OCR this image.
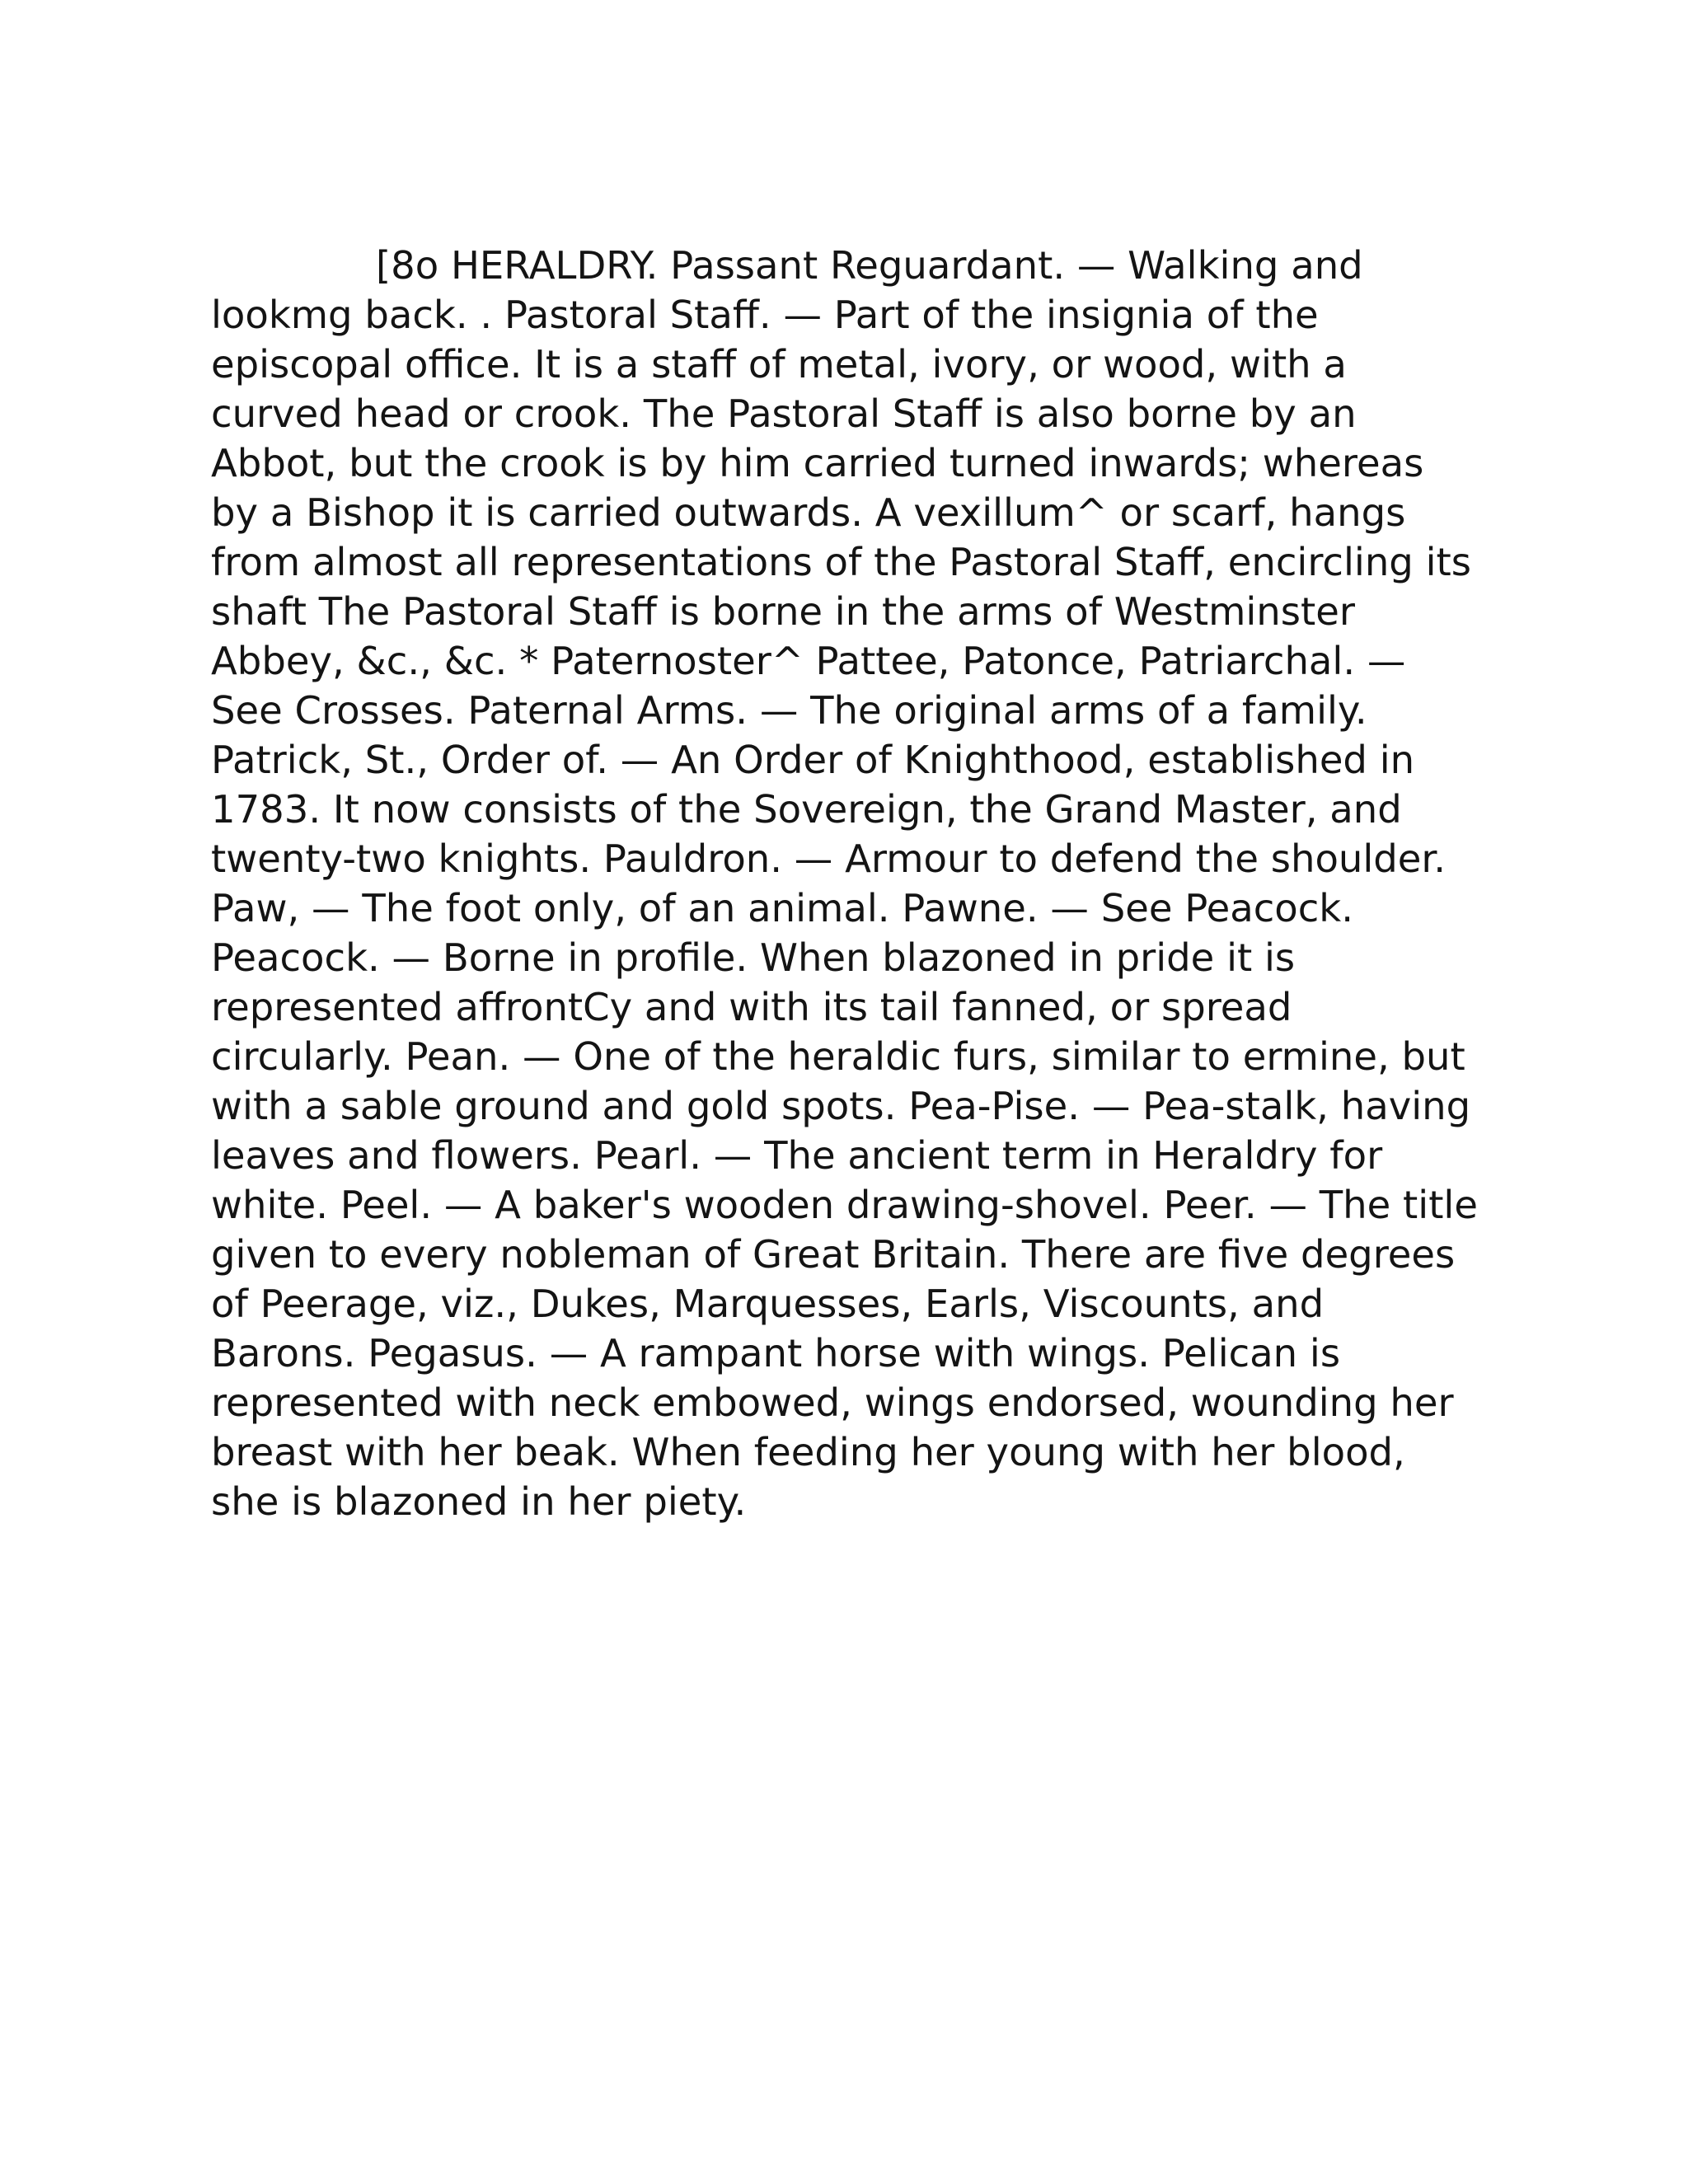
[8o HERALDRY. Passant Reguardant. — Walking and lookmg back. . Pastoral Staff. — Part of the insignia of the episcopal office. It is a staff of metal, ivory, or wood, with a curved head or crook. The Pastoral Staff is also borne by an Abbot, but the crook is by him carried turned inwards; whereas by a Bishop it is carried outwards. A vexillum^ or scarf, hangs from almost all representations of the Pastoral Staff, encircling its shaft The Pastoral Staff is borne in the arms of Westminster Abbey, &c., &c. * Paternoster^ Pattee, Patonce, Patriarchal. — See Crosses. Paternal Arms. — The original arms of a family. Patrick, St., Order of. — An Order of Knighthood, established in 1783. It now consists of the Sovereign, the Grand Master, and twenty-two knights. Pauldron. — Armour to defend the shoulder. Paw, — The foot only, of an animal. Pawne. — See Peacock. Peacock. — Borne in profile. When blazoned in pride it is represented affrontCy and with its tail fanned, or spread circularly. Pean. — One of the heraldic furs, similar to ermine, but with a sable ground and gold spots. Pea-Pise. — Pea-stalk, having leaves and flowers. Pearl. — The ancient term in Heraldry for white. Peel. — A baker's wooden drawing-shovel. Peer. — The title given to every nobleman of Great Britain. There are five degrees of Peerage, viz., Dukes, Marquesses, Earls, Viscounts, and Barons. Pegasus. — A rampant horse with wings. Pelican is represented with neck embowed, wings endorsed, wounding her breast with her beak. When feeding her young with her blood, she is blazoned in her piety.
